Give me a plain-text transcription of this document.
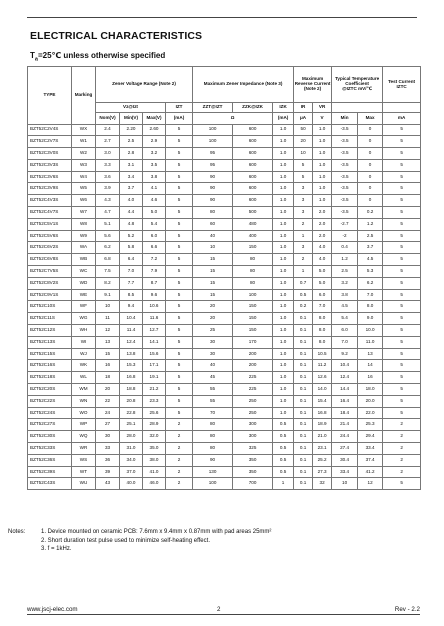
ELECTRICAL CHARACTERISTICS
$T_a=25℃$ unless otherwise specified
TYPE	Marking	Zener Voltage Range (Note 2)				Maximum Zener Impedance (Note 3)			Maximum Reverse Current (Note 2)		Typical Temperature Coefficient
@IZTC mV/℃		Test Current IZTC

		Vz@Izt			IZT	ZZT@IZT	ZZK@IZK	IZK	IR	VR			
		Nom(V)	Min(V)	Max(V)	(mA)	Ω		(mA)	μA	V	Min	Max	mA
BZT52C2V4S	WX	2.4	2.20	2.60	5	100	600	1.0	50	1.0	-3.5	0	5
BZT52C2V7S	W1	2.7	2.5	2.9	5	100	600	1.0	20	1.0	-3.5	0	5
BZT52C3V0S	W2	3.0	2.8	3.2	5	95	600	1.0	10	1.0	-3.5	0	5
BZT52C3V3S	W3	3.3	3.1	3.5	5	95	600	1.0	5	1.0	-3.5	0	5
BZT52C3V6S	W4	3.6	3.4	3.8	5	90	600	1.0	5	1.0	-3.5	0	5
BZT52C3V9S	W5	3.9	3.7	4.1	5	90	600	1.0	3	1.0	-3.5	0	5
BZT52C4V3S	W6	4.3	4.0	4.6	5	90	600	1.0	3	1.0	-3.5	0	5
BZT52C4V7S	W7	4.7	4.4	5.0	5	80	500	1.0	3	2.0	-3.5	0.2	5
BZT52C5V1S	W8	5.1	4.8	5.4	5	60	480	1.0	2	2.0	-2.7	1.2	5
BZT52C5V6S	W9	5.6	5.2	6.0	5	40	400	1.0	1	2.0	-2	2.5	5
BZT52C6V2S	WA	6.2	5.8	6.6	5	10	150	1.0	3	4.0	0.4	3.7	5
BZT52C6V8S	WB	6.8	6.4	7.2	5	15	80	1.0	2	4.0	1.2	4.5	5
BZT52C7V5S	WC	7.5	7.0	7.9	5	15	80	1.0	1	5.0	2.5	5.3	5
BZT52C8V2S	WD	8.2	7.7	8.7	5	15	80	1.0	0.7	5.0	3.2	6.2	5
BZT52C9V1S	WE	9.1	8.5	9.6	5	15	100	1.0	0.5	6.0	3.8	7.0	5
BZT52C10S	WF	10	9.4	10.6	5	20	150	1.0	0.2	7.0	4.5	8.0	5
BZT52C11S	WG	11	10.4	11.6	5	20	150	1.0	0.1	8.0	5.4	9.0	5
BZT52C12S	WH	12	11.4	12.7	5	25	150	1.0	0.1	8.0	6.0	10.0	5
BZT52C13S	WI	13	12.4	14.1	5	30	170	1.0	0.1	8.0	7.0	11.0	5
BZT52C15S	WJ	15	13.8	15.6	5	30	200	1.0	0.1	10.5	9.2	13	5
BZT52C16S	WK	16	15.3	17.1	5	40	200	1.0	0.1	11.2	10.4	14	5
BZT52C18S	WL	18	16.8	19.1	5	45	225	1.0	0.1	12.6	12.4	16	5
BZT52C20S	WM	20	18.8	21.2	5	55	225	1.0	0.1	14.0	14.4	18.0	5
BZT52C22S	WN	22	20.8	23.3	5	55	250	1.0	0.1	15.4	16.4	20.0	5
BZT52C24S	WO	24	22.8	25.6	5	70	250	1.0	0.1	16.8	18.4	22.0	5
BZT52C27S	WP	27	25.1	28.9	2	80	300	0.5	0.1	18.9	21.4	25.3	2
BZT52C30S	WQ	30	28.0	32.0	2	80	300	0.5	0.1	21.0	24.4	29.4	2
BZT52C33S	WR	33	31.0	35.0	2	80	325	0.5	0.1	23.1	27.4	33.4	2
BZT52C36S	WS	36	34.0	38.0	2	90	350	0.5	0.1	25.2	30.4	37.4	2
BZT52C39S	WT	39	37.0	41.0	2	130	350	0.5	0.1	27.3	33.4	41.2	2
BZT52C43S	WU	43	40.0	46.0	2	100	700	1	0.1	32	10	12	5
Notes:	1. Device mounted on ceramic PCB: 7.6mm x 9.4mm x 0.87mm with pad areas 25mm²
2. Short duration test pulse used to minimize self-heating effect.
3. f = 1kHz.
www.jscj-elec.com	2	Rev - 2.2
